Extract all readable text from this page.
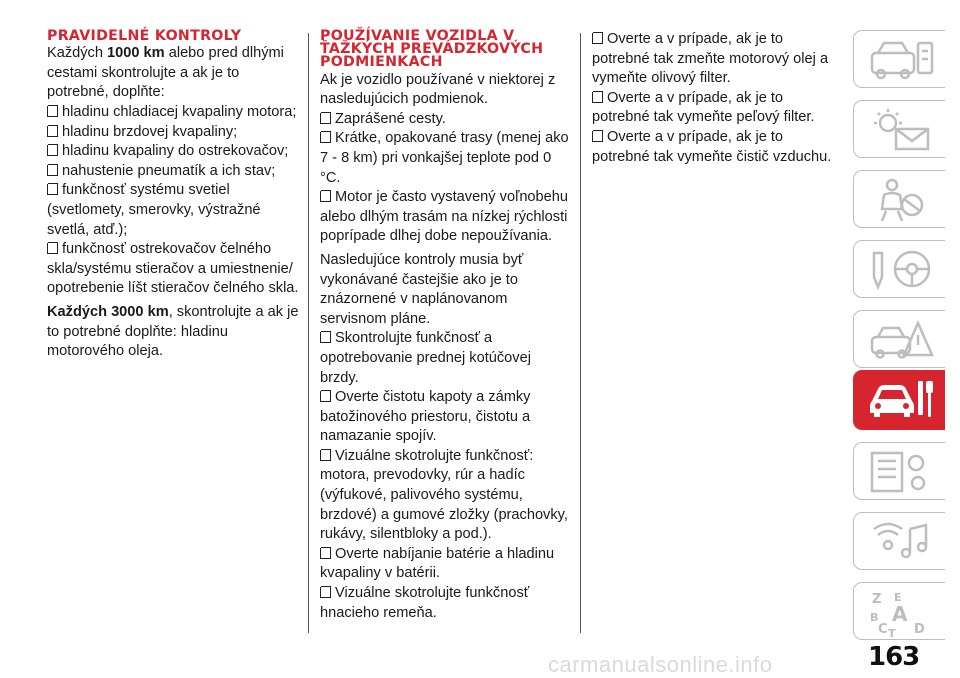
PRAVIDELNÉ KONTROLY

Každých 1000 km alebo pred dlhými cestami skontrolujte a ak je to potrebné, doplňte:

hladinu chladiacej kvapaliny motora;

hladinu brzdovej kvapaliny;

hladinu kvapaliny do ostrekovačov;

nahustenie pneumatík a ich stav;

funkčnosť systému svetiel (svetlomety, smerovky, výstražné svetlá, atď.);

funkčnosť ostrekovačov čelného skla/systému stieračov a umiestnenie/ opotrebenie líšt stieračov čelného skla.

Každých 3000 km, skontrolujte a ak je to potrebné doplňte: hladinu motorového oleja.

POUŽÍVANIE VOZIDLA V ŤAŽKÝCH PREVÁDZKOVÝCH PODMIENKACH

Ak je vozidlo používané v niektorej z nasledujúcich podmienok.

Zaprášené cesty.

Krátke, opakované trasy (menej ako 7 - 8 km) pri vonkajšej teplote pod 0 °C.

Motor je často vystavený voľnobehu alebo dlhým trasám na nízkej rýchlosti poprípade dlhej dobe nepoužívania.

Nasledujúce kontroly musia byť vykonávané častejšie ako je to znázornené v naplánovanom servisnom pláne.

Skontrolujte funkčnosť a opotrebovanie prednej kotúčovej brzdy.

Overte čistotu kapoty a zámky batožinového priestoru, čistotu a namazanie spojív.

Vizuálne skotrolujte funkčnosť: motora, prevodovky, rúr a hadíc (výfukové, palivového systému, brzdové) a gumové zložky (prachovky, rukávy, silentbloky a pod.).

Overte nabíjanie batérie a hladinu kvapaliny v batérii.

Vizuálne skotrolujte funkčnosť hnacieho remeňa.

Overte a v prípade, ak je to potrebné tak zmeňte motorový olej a vymeňte olivový filter.

Overte a v prípade, ak je to potrebné tak vymeňte peľový filter.

Overte a v prípade, ak je to potrebné tak vymeňte čistič vzduchu.

Z E
B A
C T D
163
carmanualsonline.info
